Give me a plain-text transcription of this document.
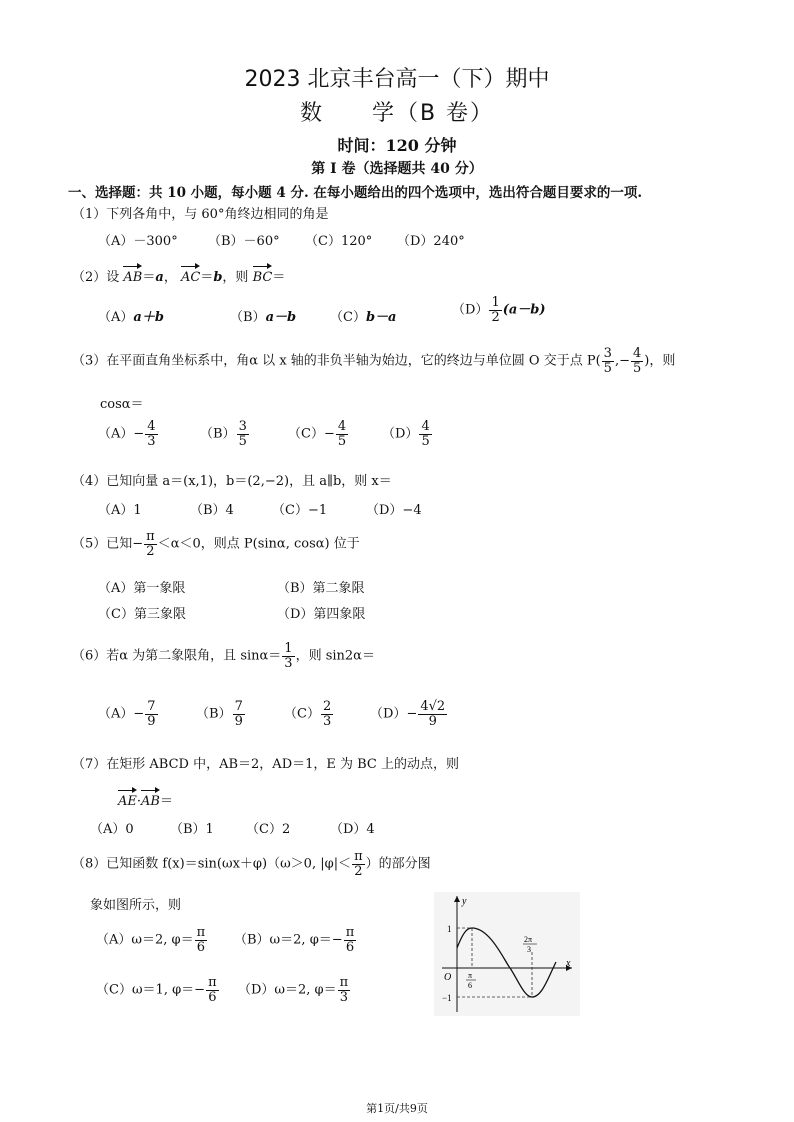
2023 北京丰台高一（下）期中
数　　学（B 卷）
时间：120 分钟
第 I 卷（选择题共 40 分）
一、选择题：共 10 小题，每小题 4 分. 在每小题给出的四个选项中，选出符合题目要求的一项.
（1）下列各角中，与 60°角终边相同的角是
（A）－300° （B）－60° （C）120° （D）240°
（2）设 AB＝a， AC＝b，则 BC＝
（A）a＋b	（B）a－b	（C）b－a	$(D) \frac{1}{2} (a-b)$
（3）在平面直角坐标系中，角α 以 x 轴的非负半轴为始边，它的终边与单位圆 O 交于点 $P( \frac{3}{5}$ ,− $\frac{4}{5}$ )，则
cosα＝
$(A)- \frac{4}{3}$	$(B) \frac{3}{5}$	$(C)- \frac{4}{5}$	$(D) \frac{4}{5}$
（4）已知向量 a＝(x,1)，b＝(2,−2)，且 a∥b，则 x＝
（A）1	（B）4	（C）−1	（D）−4
（5）已知− $\frac{\pi}{2} <\alpha<0$，则点 P(sinα, cosα) 位于
（A）第一象限	（B）第二象限
（C）第三象限	（D）第四象限
（6）若α 为第二象限角，且 $\sin\alpha= \frac{1}{3}$ ，则 sin2α＝
$(A)- \frac{7}{9}$	$(B) \frac{7}{9}$	$(C) \frac{2}{3}$	$(D)- \frac{4√2}{9}$
（7）在矩形 ABCD 中，AB＝2，AD＝1，E 为 BC 上的动点，则
AE·AB＝
（A）0	（B）1 （C）2	（D）4
（8）已知函数 f(x)＝sin(ωx＋φ)（ω＞0, $|\varphi|< \frac{\pi}{2}$ ）的部分图
象如图所示，则
（A）ω＝2, $\varphi= \frac{\pi}{6} (B)\omega=2$, $\varphi=- \frac{\pi}{6}$
（C）ω＝1, $\varphi=- \frac{\pi}{6} (D)\omega=2$, $\varphi= \frac{\pi}{3}$
y
x
O
1
−1
π
6
2π
3
第1页/共9页
